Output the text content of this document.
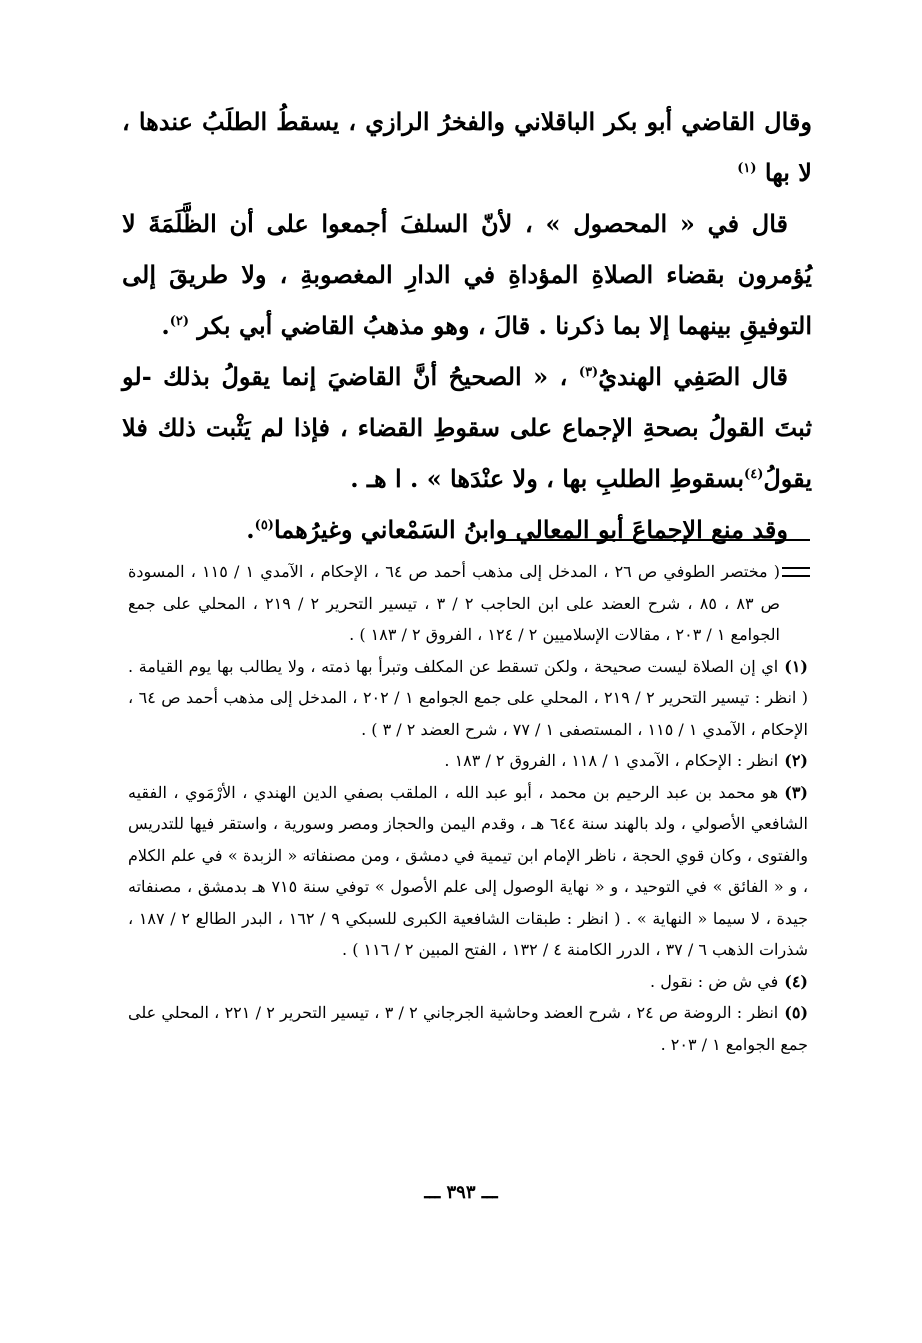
وقال القاضي أبو بكر الباقلاني والفخرُ الرازي ، يسقطُ الطلَبُ عندها ، لا بها $^{(١)}$

قال في « المحصول » ، لأنّ السلفَ أجمعوا على أن الظَّلَمَةَ لا يُؤمرون بقضاء الصلاةِ المؤداةِ في الدارِ المغصوبةِ ، ولا طريقَ إلى التوفيقِ بينهما إلا بما ذكرنا . قالَ ، وهو مذهبُ القاضي أبي بكر $^{(٢)}$.

قال الصَفِي الهنديُ$^{(٣)}$ ، « الصحيحُ أنَّ القاضيَ إنما يقولُ بذلك -لو ثبتَ القولُ بصحةِ الإجماع على سقوطِ القضاء ، فإذا لم يَثْبت ذلك فلا يقولُ$^{(٤)}$بسقوطِ الطلبِ بها ، ولا عنْدَها » . ا هـ .

وقد منع الإجماعَ أبو المعالي وابنُ السَمْعاني وغيرُهما$^{(٥)}$.

( مختصر الطوفي ص ٢٦ ، المدخل إلى مذهب أحمد ص ٦٤ ، الإحكام ، الآمدي ١ / ١١٥ ، المسودة ص ٨٣ ، ٨٥ ، شرح العضد على ابن الحاجب ٢ / ٣ ، تيسير التحرير ٢ / ٢١٩ ، المحلي على جمع الجوامع ١ / ٢٠٣ ، مقالات الإسلاميين ٢ / ١٢٤ ، الفروق ٢ / ١٨٣ ) .

(١)اي إن الصلاة ليست صحيحة ، ولكن تسقط عن المكلف وتبرأ بها ذمته ، ولا يطالب بها يوم القيامة . ( انظر : تيسير التحرير ٢ / ٢١٩ ، المحلي على جمع الجوامع ١ / ٢٠٢ ، المدخل إلى مذهب أحمد ص ٦٤ ، الإحكام ، الآمدي ١ / ١١٥ ، المستصفى ١ / ٧٧ ، شرح العضد ٢ / ٣ ) .

(٢)انظر : الإحكام ، الآمدي ١ / ١١٨ ، الفروق ٢ / ١٨٣ .

(٣)هو محمد بن عبد الرحيم بن محمد ، أبو عبد الله ، الملقب بصفي الدين الهندي ، الأرْمَوي ، الفقيه الشافعي الأصولي ، ولد بالهند سنة ٦٤٤ هـ ، وقدم اليمن والحجاز ومصر وسورية ، واستقر فيها للتدريس والفتوى ، وكان قوي الحجة ، ناظر الإمام ابن تيمية في دمشق ، ومن مصنفاته « الزبدة » في علم الكلام ، و « الفائق » في التوحيد ، و « نهاية الوصول إلى علم الأصول » توفي سنة ٧١٥ هـ بدمشق ، مصنفاته جيدة ، لا سيما « النهاية » . ( انظر : طبقات الشافعية الكبرى للسبكي ٩ / ١٦٢ ، البدر الطالع ٢ / ١٨٧ ، شذرات الذهب ٦ / ٣٧ ، الدرر الكامنة ٤ / ١٣٢ ، الفتح المبين ٢ / ١١٦ ) .

(٤)في ش ض : نقول .

(٥)انظر : الروضة ص ٢٤ ، شرح العضد وحاشية الجرجاني ٢ / ٣ ، تيسير التحرير ٢ / ٢٢١ ، المحلي على جمع الجوامع ١ / ٢٠٣ .

ـــ ٣٩٣ ـــ
